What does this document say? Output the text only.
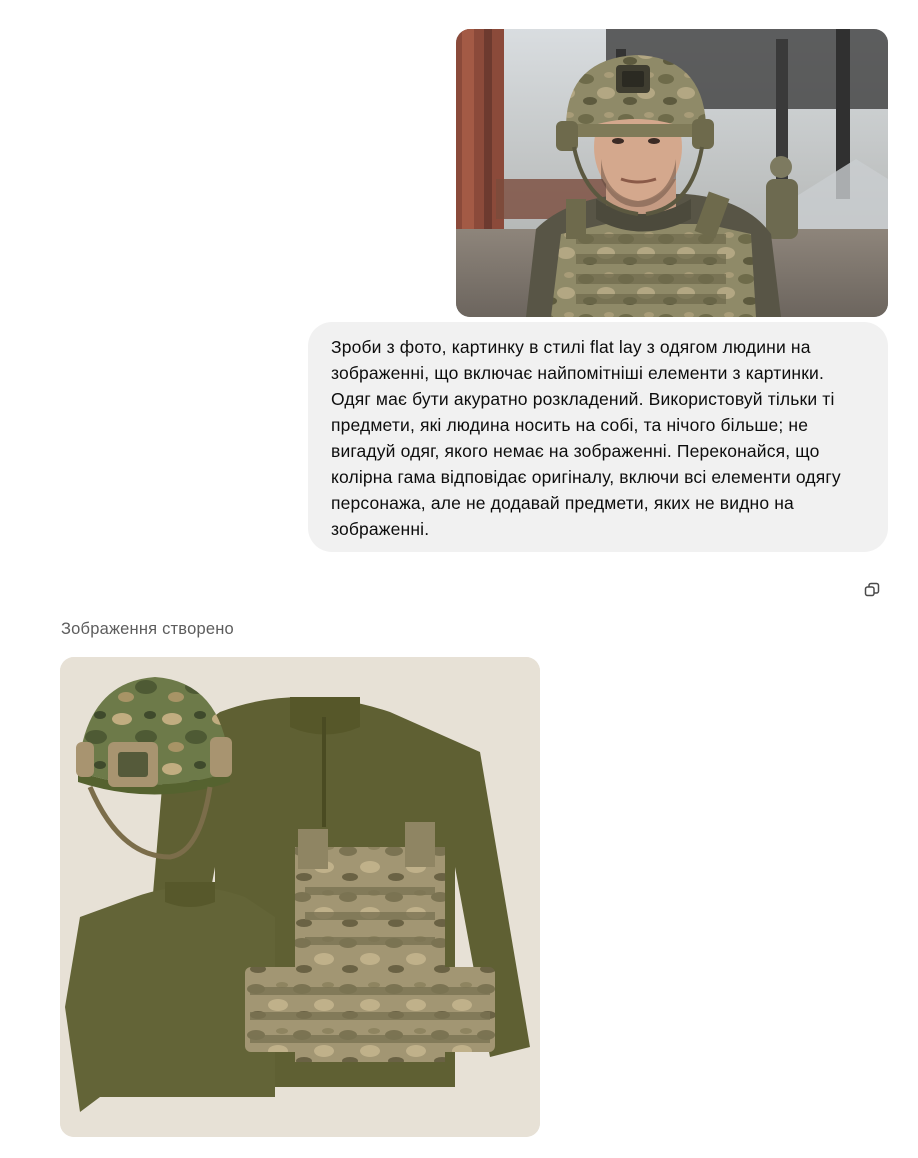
Зроби з фото, картинку в стилі flat lay з одягом людини на зображенні, що включає найпомітніші елементи з картинки. Одяг має бути акуратно розкладений. Використовуй тільки ті предмети, які людина носить на собі, та нічого більше; не вигадуй одяг, якого немає на зображенні. Переконайся, що колірна гама відповідає оригіналу, включи всі елементи одягу персонажа, але не додавай предмети, яких не видно на зображенні.

Зображення створено
